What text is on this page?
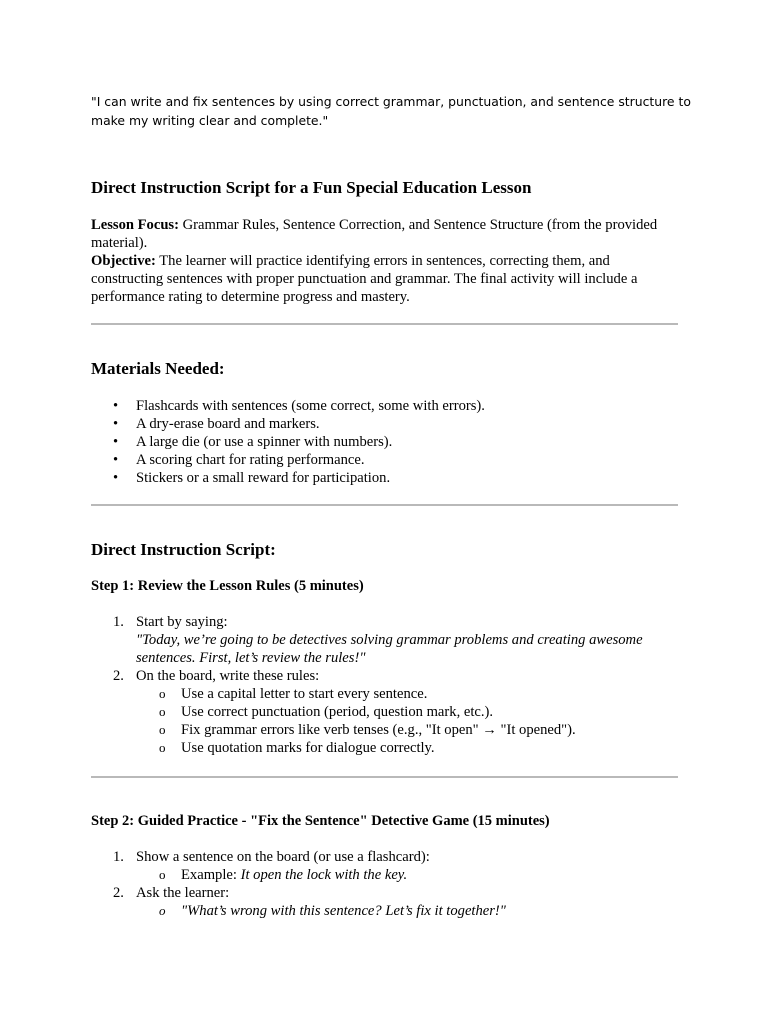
"I can write and fix sentences by using correct grammar, punctuation, and sentence structure to make my writing clear and complete."
Direct Instruction Script for a Fun Special Education Lesson
Lesson Focus: Grammar Rules, Sentence Correction, and Sentence Structure (from the provided material).
Objective: The learner will practice identifying errors in sentences, correcting them, and constructing sentences with proper punctuation and grammar. The final activity will include a performance rating to determine progress and mastery.
Materials Needed:
• Flashcards with sentences (some correct, some with errors).
• A dry-erase board and markers.
• A large die (or use a spinner with numbers).
• A scoring chart for rating performance.
• Stickers or a small reward for participation.
Direct Instruction Script:
Step 1: Review the Lesson Rules (5 minutes)
1. Start by saying:
"Today, we’re going to be detectives solving grammar problems and creating awesome sentences. First, let’s review the rules!"
2. On the board, write these rules:
o Use a capital letter to start every sentence.
o Use correct punctuation (period, question mark, etc.).
o Fix grammar errors like verb tenses (e.g., "It open" → "It opened").
o Use quotation marks for dialogue correctly.
Step 2: Guided Practice - "Fix the Sentence" Detective Game (15 minutes)
1. Show a sentence on the board (or use a flashcard):
o Example: It open the lock with the key.
2. Ask the learner:
o "What’s wrong with this sentence? Let’s fix it together!"
